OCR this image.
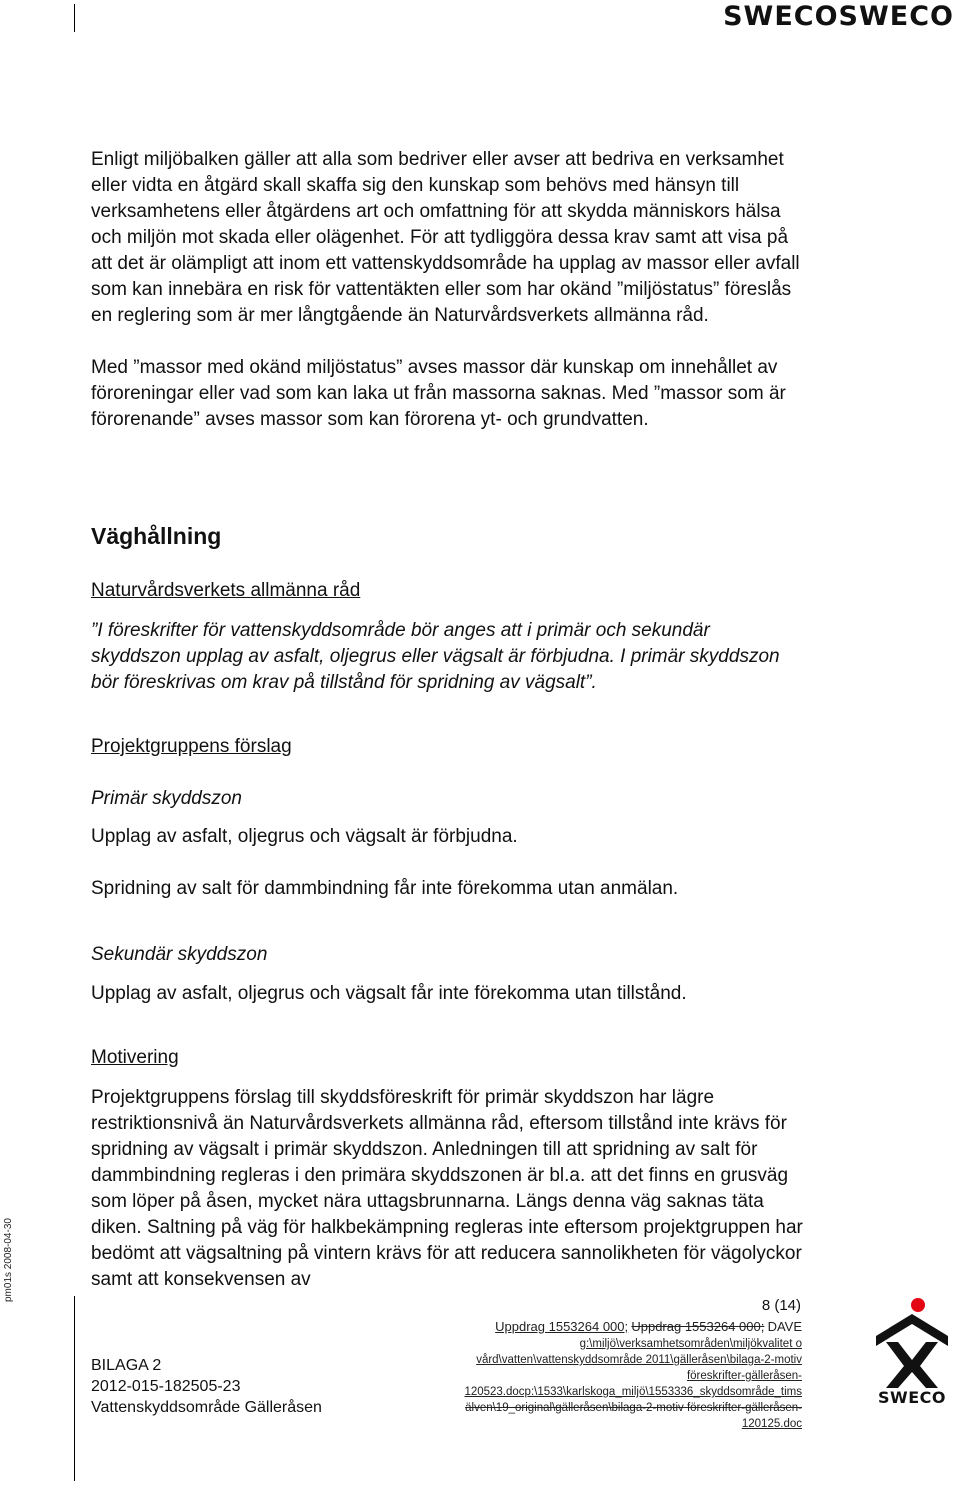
SWECOSWECO

Enligt miljöbalken gäller att alla som bedriver eller avser att bedriva en verksamhet eller vidta en åtgärd skall skaffa sig den kunskap som behövs med hänsyn till verksamhetens eller åtgärdens art och omfattning för att skydda människors hälsa och miljön mot skada eller olägenhet. För att tydliggöra dessa krav samt att visa på att det är olämpligt att inom ett vattenskyddsområde ha upplag av massor eller avfall som kan innebära en risk för vattentäkten eller som har okänd ”miljöstatus” föreslås en reglering som är mer långtgående än Naturvårdsverkets allmänna råd.

Med ”massor med okänd miljöstatus” avses massor där kunskap om innehållet av föroreningar eller vad som kan laka ut från massorna saknas. Med ”massor som är förorenande” avses massor som kan förorena yt- och grundvatten.

Väghållning

Naturvårdsverkets allmänna råd

”I föreskrifter för vattenskyddsområde bör anges att i primär och sekundär skyddszon upplag av asfalt, oljegrus eller vägsalt är förbjudna. I primär skyddszon bör föreskrivas om krav på tillstånd för spridning av vägsalt”.

Projektgruppens förslag

Primär skyddszon

Upplag av asfalt, oljegrus och vägsalt är förbjudna.

Spridning av salt för dammbindning får inte förekomma utan anmälan.

Sekundär skyddszon

Upplag av asfalt, oljegrus och vägsalt får inte förekomma utan tillstånd.

Motivering

Projektgruppens förslag till skyddsföreskrift för primär skyddszon har lägre restriktionsnivå än Naturvårdsverkets allmänna råd, eftersom tillstånd inte krävs för spridning av vägsalt i primär skyddszon. Anledningen till att spridning av salt för dammbindning regleras i den primära skyddszonen är bl.a. att det finns en grusväg som löper på åsen, mycket nära uttagsbrunnarna. Längs denna väg saknas täta diken. Saltning på väg för halkbekämpning regleras inte eftersom projektgruppen har bedömt att vägsaltning på vintern krävs för att reducera sannolikheten för vägolyckor samt att konsekvensen av

pm01s 2008-04-30
8 (14)
BILAGA 2
2012-015-182505-23
Vattenskyddsområde Gälleråsen
Uppdrag 1553264 000; Uppdrag 1553264 000; DAVE
g:\miljö\verksamhetsområden\miljökvalitet o
vård\vatten\vattenskyddsområde 2011\gälleråsen\bilaga-2-motiv
föreskrifter-gälleråsen-
120523.docp:\1533\karlskoga_miljö\1553336_skyddsområde_tims
älven\19_original\gälleråsen\bilaga-2-motiv föreskrifter-gälleråsen-
120125.doc
SWECO
